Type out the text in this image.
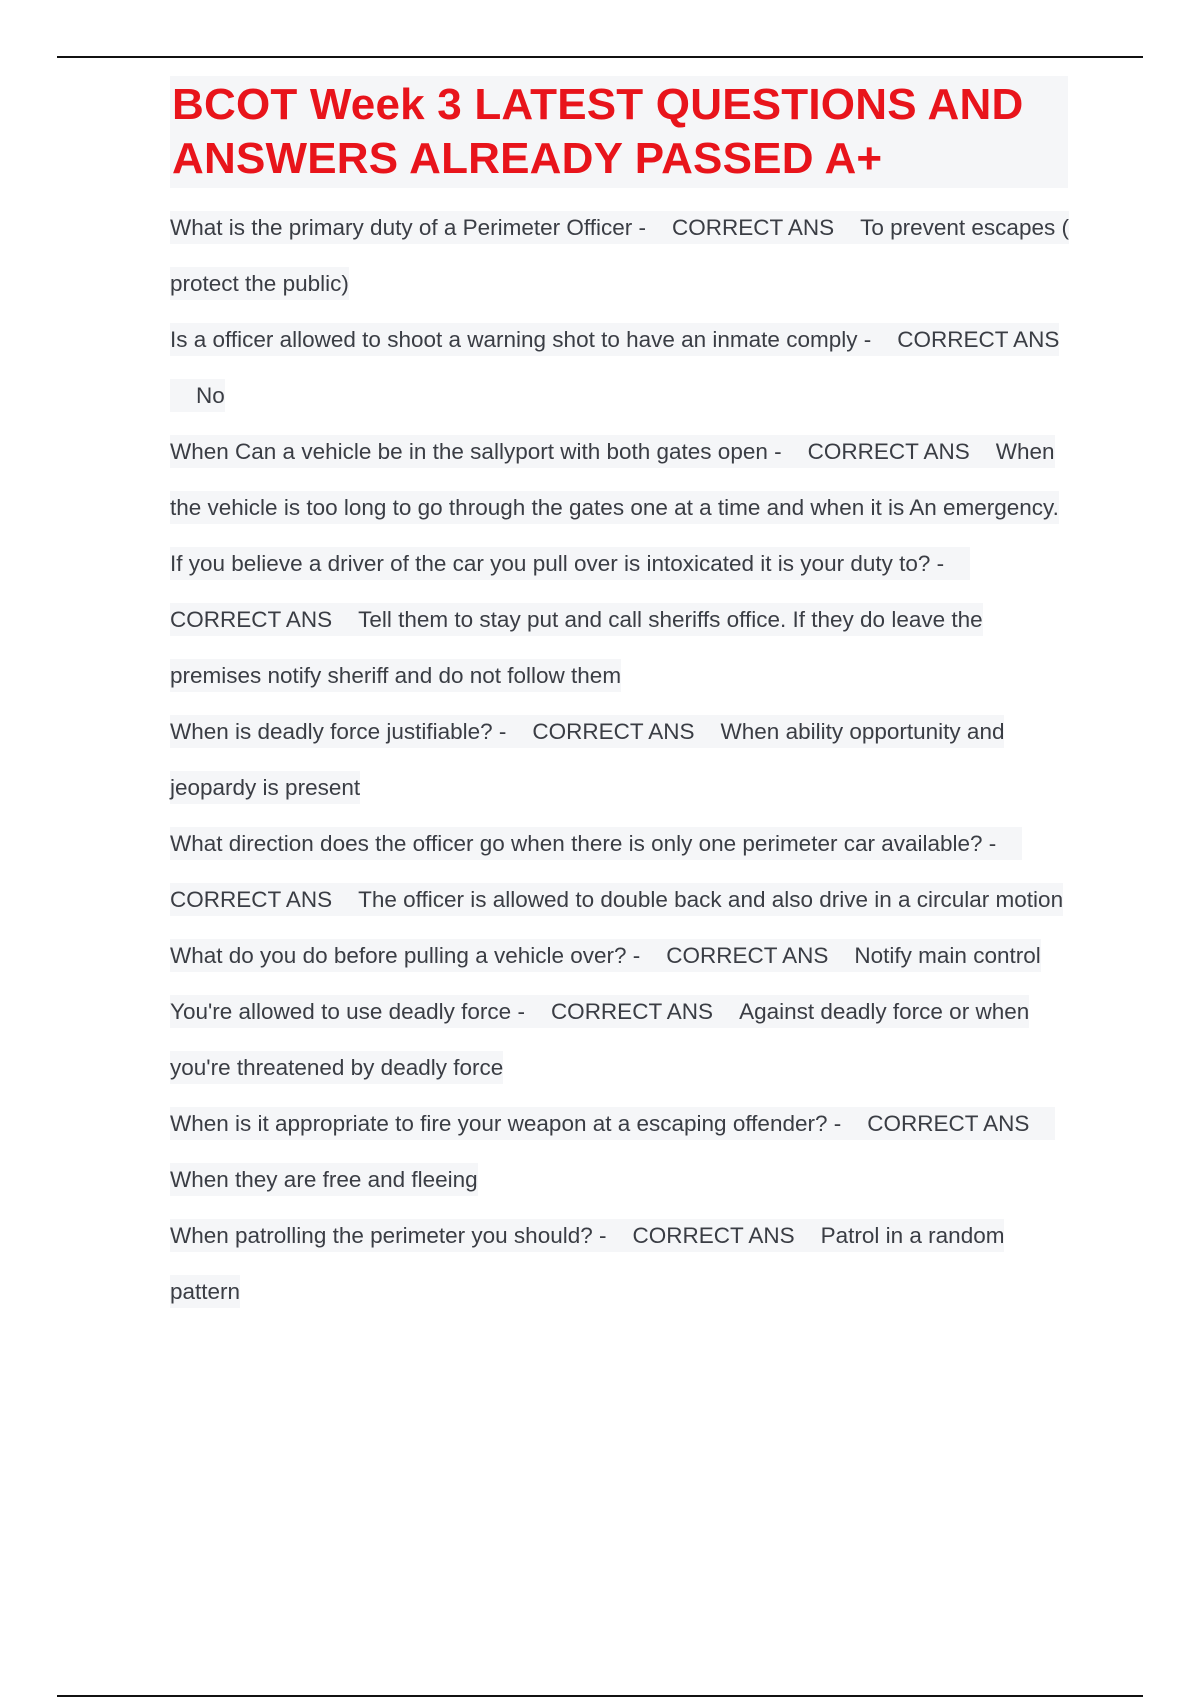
BCOT Week 3 LATEST QUESTIONS AND ANSWERS ALREADY PASSED A+
What is the primary duty of a Perimeter Officer - CORRECT ANS To prevent escapes ( protect the public)
Is a officer allowed to shoot a warning shot to have an inmate comply - CORRECT ANSNo
When Can a vehicle be in the sallyport with both gates open - CORRECT ANS When the vehicle is too long to go through the gates one at a time and when it is An emergency.
If you believe a driver of the car you pull over is intoxicated it is your duty to? -CORRECT ANS Tell them to stay put and call sheriffs office. If they do leave the premises notify sheriff and do not follow them
When is deadly force justifiable? - CORRECT ANS When ability opportunity and jeopardy is present
What direction does the officer go when there is only one perimeter car available? -CORRECT ANS The officer is allowed to double back and also drive in a circular motion
What do you do before pulling a vehicle over? - CORRECT ANS Notify main control
You're allowed to use deadly force - CORRECT ANS Against deadly force or when you're threatened by deadly force
When is it appropriate to fire your weapon at a escaping offender? - CORRECT ANSWhen they are free and fleeing
When patrolling the perimeter you should? - CORRECT ANS Patrol in a random pattern
